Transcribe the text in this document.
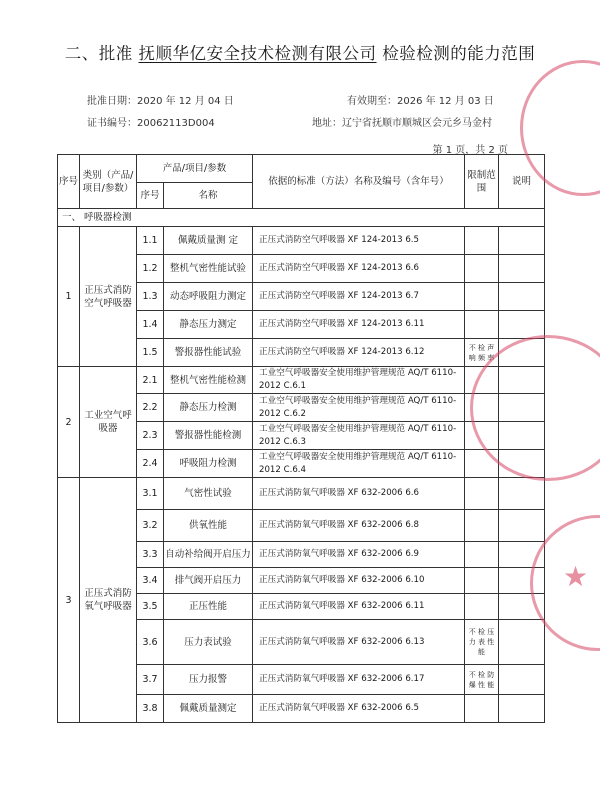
二、批准 抚顺华亿安全技术检测有限公司 检验检测的能力范围
批准日期：2020 年 12 月 04 日	有效期至：2026 年 12 月 03 日
证书编号：20062113D004	地址：辽宁省抚顺市顺城区会元乡马金村
第 1 页，共 2 页
序号	类别（产品/项目/参数）	产品/项目/参数		依据的标准（方法）名称及编号（含年号）	限制范围	说明
		序号	名称			
一、 呼吸器检测						
1	正压式消防空气呼吸器	1.1	佩戴质量测 定	正压式消防空气呼吸器 XF 124-2013 6.5		
		1.2	整机气密性能试验	正压式消防空气呼吸器 XF 124-2013 6.6		
		1.3	动态呼吸阻力测定	正压式消防空气呼吸器 XF 124-2013 6.7		
		1.4	静态压力测定	正压式消防空气呼吸器 XF 124-2013 6.11		
		1.5	警报器性能试验	正压式消防空气呼吸器 XF 124-2013 6.12	不 检 声 响 频 率	
2	工业空气呼吸器	2.1	整机气密性能检测	工业空气呼吸器安全使用维护管理规范 AQ/T 6110-2012 C.6.1		
		2.2	静态压力检测	工业空气呼吸器安全使用维护管理规范 AQ/T 6110-2012 C.6.2		
		2.3	警报器性能检测	工业空气呼吸器安全使用维护管理规范 AQ/T 6110-2012 C.6.3		
		2.4	呼吸阻力检测	工业空气呼吸器安全使用维护管理规范 AQ/T 6110-2012 C.6.4		
3	正压式消防氧气呼吸器	3.1	气密性试验	正压式消防氧气呼吸器 XF 632-2006 6.6		
		3.2	供氧性能	正压式消防氧气呼吸器 XF 632-2006 6.8		
		3.3	自动补给阀开启压力	正压式消防氧气呼吸器 XF 632-2006 6.9		
		3.4	排气阀开启压力	正压式消防氧气呼吸器 XF 632-2006 6.10		
		3.5	正压性能	正压式消防氧气呼吸器 XF 632-2006 6.11		
		3.6	压力表试验	正压式消防氧气呼吸器 XF 632-2006 6.13	不 检 压 力 表 性 能	
		3.7	压力报警	正压式消防氧气呼吸器 XF 632-2006 6.17	不 检 防 爆 性 能	
		3.8	佩戴质量测定	正压式消防氧气呼吸器 XF 632-2006 6.5		
★
